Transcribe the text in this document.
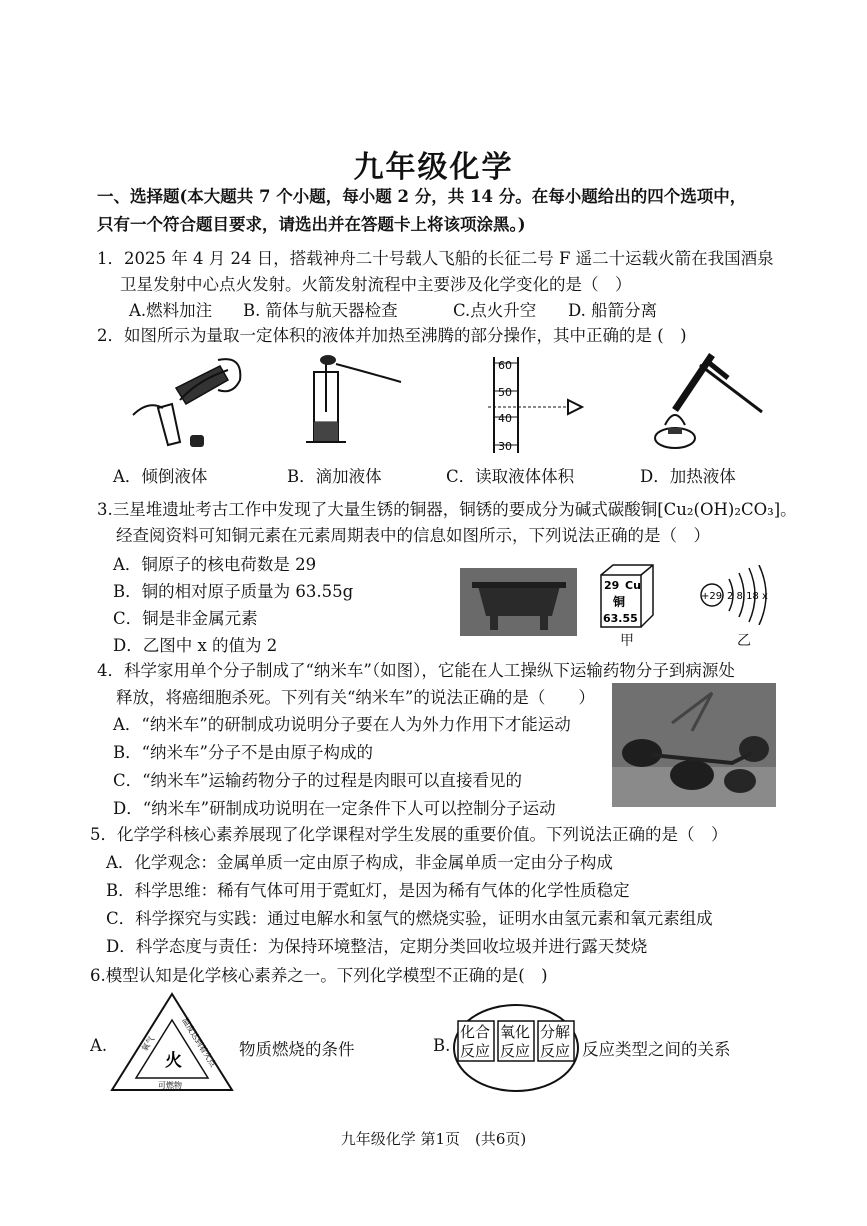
九年级化学
一、选择题(本大题共 7 个小题，每小题 2 分，共 14 分。在每小题给出的四个选项中，
只有一个符合题目要求，请选出并在答题卡上将该项涂黑。)
1．2025 年 4 月 24 日，搭载神舟二十号载人飞船的长征二号 F 遥二十运载火箭在我国酒泉
卫星发射中心点火发射。火箭发射流程中主要涉及化学变化的是（　）
A.燃料加注 B. 箭体与航天器检查	C.点火升空 D. 船箭分离
2．如图所示为量取一定体积的液体并加热至沸腾的部分操作，其中正确的是 (　)
60
50
40
30
A．倾倒液体	B．滴加液体	C．读取液体体积	D．加热液体
3.三星堆遗址考古工作中发现了大量生锈的铜器，铜锈的要成分为碱式碳酸铜[Cu₂(OH)₂CO₃]。
经查阅资料可知铜元素在元素周期表中的信息如图所示，下列说法正确的是（　）
A．铜原子的核电荷数是 29
B．铜的相对原子质量为 63.55g
C．铜是非金属元素
D．乙图中 x 的值为 2
29 Cu
铜
63.55
甲
+29 2 8 18 x
乙
4．科学家用单个分子制成了“纳米车”（如图），它能在人工操纵下运输药物分子到病源处
释放，将癌细胞杀死。下列有关“纳米车”的说法正确的是（　　）
A．“纳米车”的研制成功说明分子要在人为外力作用下才能运动
B．“纳米车”分子不是由原子构成的
C．“纳米车”运输药物分子的过程是肉眼可以直接看见的
D．“纳米车”研制成功说明在一定条件下人可以控制分子运动
5．化学学科核心素养展现了化学课程对学生发展的重要价值。下列说法正确的是（　）
A．化学观念：金属单质一定由原子构成，非金属单质一定由分子构成
B．科学思维：稀有气体可用于霓虹灯，是因为稀有气体的化学性质稳定
C．科学探究与实践：通过电解水和氢气的燃烧实验，证明水由氢元素和氧元素组成
D．科学态度与责任：为保持环境整洁，定期分类回收垃圾并进行露天焚烧
6.模型认知是化学核心素养之一。下列化学模型不正确的是(　)
A.
火
氧气	温度达到着火点
可燃物
物质燃烧的条件	B.
化合
反应
氧化
反应
分解
反应 反应类型之间的关系
九年级化学 第1页　(共6页)
